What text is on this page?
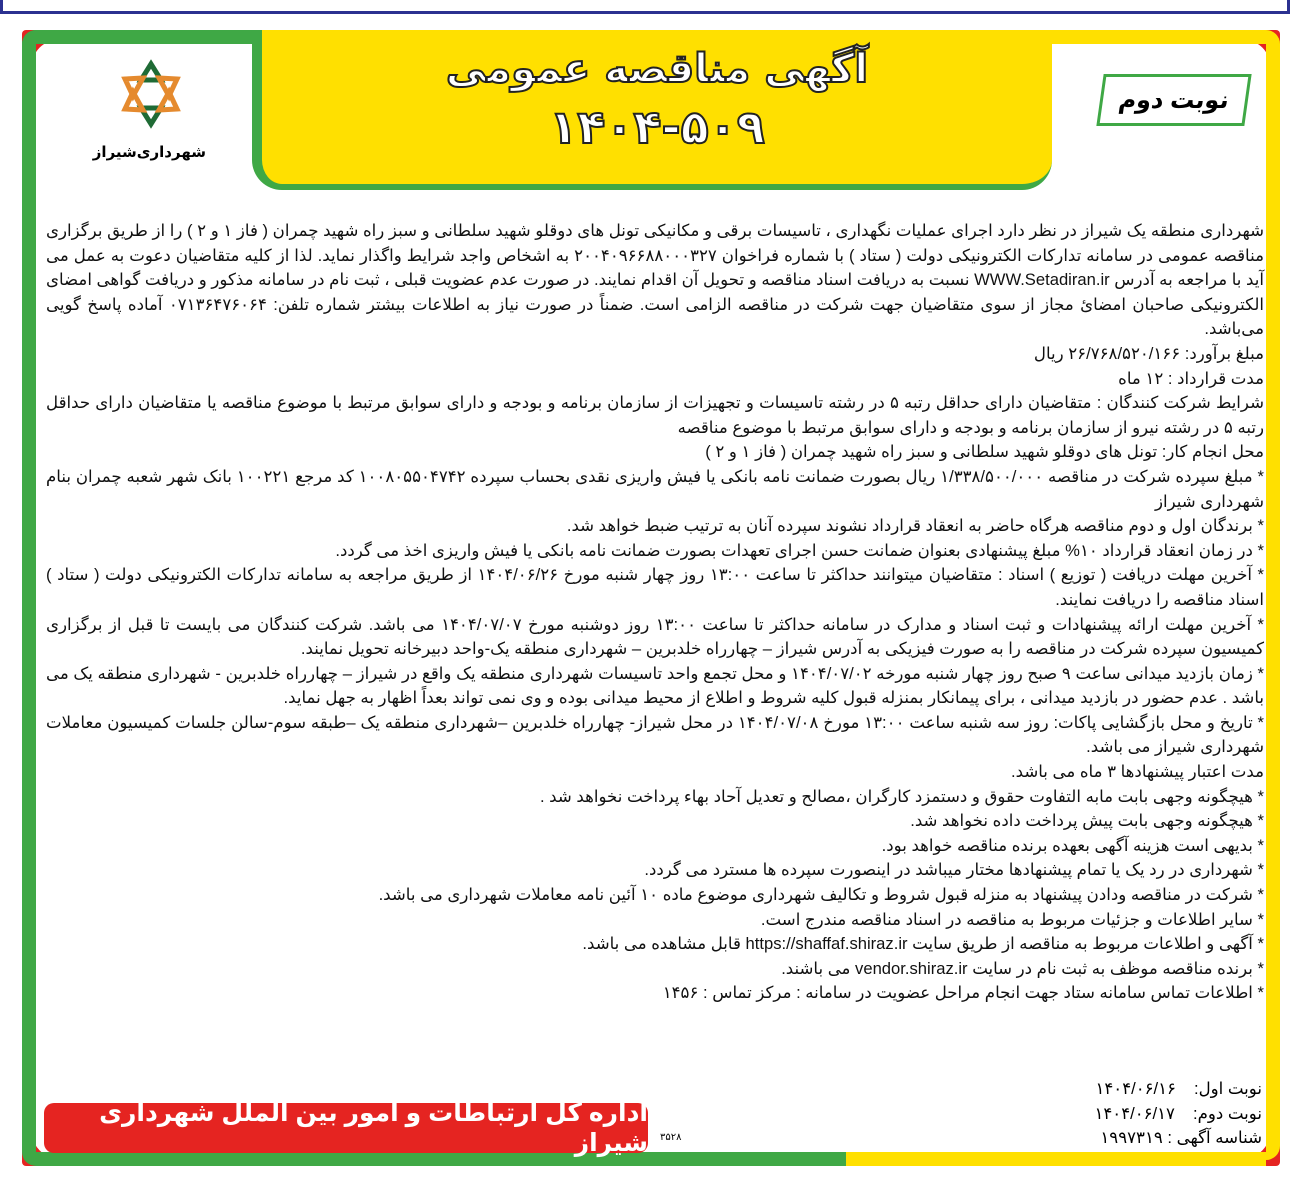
آگهی مناقصه عمومی
۱۴۰۴-۵۰۹	نوبت دوم
شهرداری‌شیراز

شهرداری منطقه یک شیراز در نظر دارد اجرای عملیات نگهداری ، تاسیسات برقی و مکانیکی تونل های دوقلو شهید سلطانی و سبز راه شهید چمران ( فاز ۱ و ۲ ) را از طریق برگزاری مناقصه عمومی در سامانه تدارکات الکترونیکی دولت ( ستاد ) با شماره فراخوان ۲۰۰۴۰۹۶۶۸۸۰۰۰۳۲۷ به اشخاص واجد شرایط واگذار نماید. لذا از کلیه متقاضیان دعوت به عمل می آید با مراجعه به آدرس WWW.Setadiran.ir نسبت به دریافت اسناد مناقصه و تحویل آن اقدام نمایند. در صورت عدم عضویت قبلی ، ثبت نام در سامانه مذکور و دریافت گواهی امضای الکترونیکی صاحبان امضائ مجاز از سوی متقاضیان جهت شرکت در مناقصه الزامی است. ضمناً در صورت نیاز به اطلاعات بیشتر شماره تلفن: ۰۷۱۳۶۴۷۶۰۶۴ آماده پاسخ گویی می‌باشد.

مبلغ برآورد: ۲۶/۷۶۸/۵۲۰/۱۶۶ ریال

مدت قرارداد : ۱۲ ماه

شرایط شرکت کنندگان : متقاضیان دارای حداقل رتبه ۵ در رشته تاسیسات و تجهیزات از سازمان برنامه و بودجه و دارای سوابق مرتبط با موضوع مناقصه یا متقاضیان دارای حداقل رتبه ۵ در رشته نیرو از سازمان برنامه و بودجه و دارای سوابق مرتبط با موضوع مناقصه

محل انجام کار: تونل های دوقلو شهید سلطانی و سبز راه شهید چمران ( فاز ۱ و ۲ )

* مبلغ سپرده شرکت در مناقصه ۱/۳۳۸/۵۰۰/۰۰۰ ریال بصورت ضمانت نامه بانکی یا فیش واریزی نقدی بحساب سپرده ۱۰۰۸۰۵۵۰۴۷۴۲ کد مرجع ۱۰۰۲۲۱ بانک شهر شعبه چمران بنام شهرداری شیراز

* برندگان اول و دوم مناقصه هرگاه حاضر به انعقاد قرارداد نشوند سپرده آنان به ترتیب ضبط خواهد شد.

* در زمان انعقاد قرارداد ۱۰% مبلغ پیشنهادی بعنوان ضمانت حسن اجرای تعهدات بصورت ضمانت نامه بانکی یا فیش واریزی اخذ می گردد.

* آخرین مهلت دریافت ( توزیع ) اسناد : متقاضیان میتوانند حداکثر تا ساعت ۱۳:۰۰ روز چهار شنبه مورخ ۱۴۰۴/۰۶/۲۶ از طریق مراجعه به سامانه تدارکات الکترونیکی دولت ( ستاد ) اسناد مناقصه را دریافت نمایند.

* آخرین مهلت ارائه پیشنهادات و ثبت اسناد و مدارک در سامانه حداکثر تا ساعت ۱۳:۰۰ روز دوشنبه مورخ ۱۴۰۴/۰۷/۰۷ می باشد. شرکت کنندگان می بایست تا قبل از برگزاری کمیسیون سپرده شرکت در مناقصه را به صورت فیزیکی به آدرس شیراز – چهارراه خلدبرین – شهرداری منطقه یک-واحد دبیرخانه تحویل نمایند.

* زمان بازدید میدانی ساعت ۹ صبح روز چهار شنبه مورخه ۱۴۰۴/۰۷/۰۲ و محل تجمع واحد تاسیسات شهرداری منطقه یک واقع در شیراز – چهارراه خلدبرین - شهرداری منطقه یک می باشد . عدم حضور در بازدید میدانی ، برای پیمانکار بمنزله قبول کلیه شروط و اطلاع از محیط میدانی بوده و وی نمی تواند بعداً اظهار به جهل نماید.

* تاریخ و محل بازگشایی پاکات: روز سه شنبه ساعت ۱۳:۰۰ مورخ ۱۴۰۴/۰۷/۰۸ در محل شیراز- چهارراه خلدبرین –شهرداری منطقه یک –طبقه سوم-سالن جلسات کمیسیون معاملات شهرداری شیراز می باشد.

مدت اعتبار پیشنهادها ۳ ماه می باشد.

* هیچگونه وجهی بابت مابه التفاوت حقوق و دستمزد کارگران ،مصالح و تعدیل آحاد بهاء پرداخت نخواهد شد .

* هیچگونه وجهی بابت پیش پرداخت داده نخواهد شد.

* بدیهی است هزینه آگهی بعهده برنده مناقصه خواهد بود.

* شهرداری در رد یک یا تمام پیشنهادها مختار میباشد در اینصورت سپرده ها مسترد می گردد.

* شرکت در مناقصه ودادن پیشنهاد به منزله قبول شروط و تکالیف شهرداری موضوع ماده ۱۰ آئین نامه معاملات شهرداری می باشد.

* سایر اطلاعات و جزئیات مربوط به مناقصه در اسناد مناقصه مندرج است.

* آگهی و اطلاعات مربوط به مناقصه از طریق سایت https://shaffaf.shiraz.ir قابل مشاهده می باشد.

* برنده مناقصه موظف به ثبت نام در سایت vendor.shiraz.ir می باشند.

* اطلاعات تماس سامانه ستاد جهت انجام مراحل عضویت در سامانه : مرکز تماس : ۱۴۵۶

نوبت اول:۱۴۰۴/۰۶/۱۶
نوبت دوم:۱۴۰۴/۰۶/۱۷
شناسه آگهی : ۱۹۹۷۳۱۹
اداره کل ارتباطات و امور بین الملل شهرداری شیراز ۳۵۲۸
